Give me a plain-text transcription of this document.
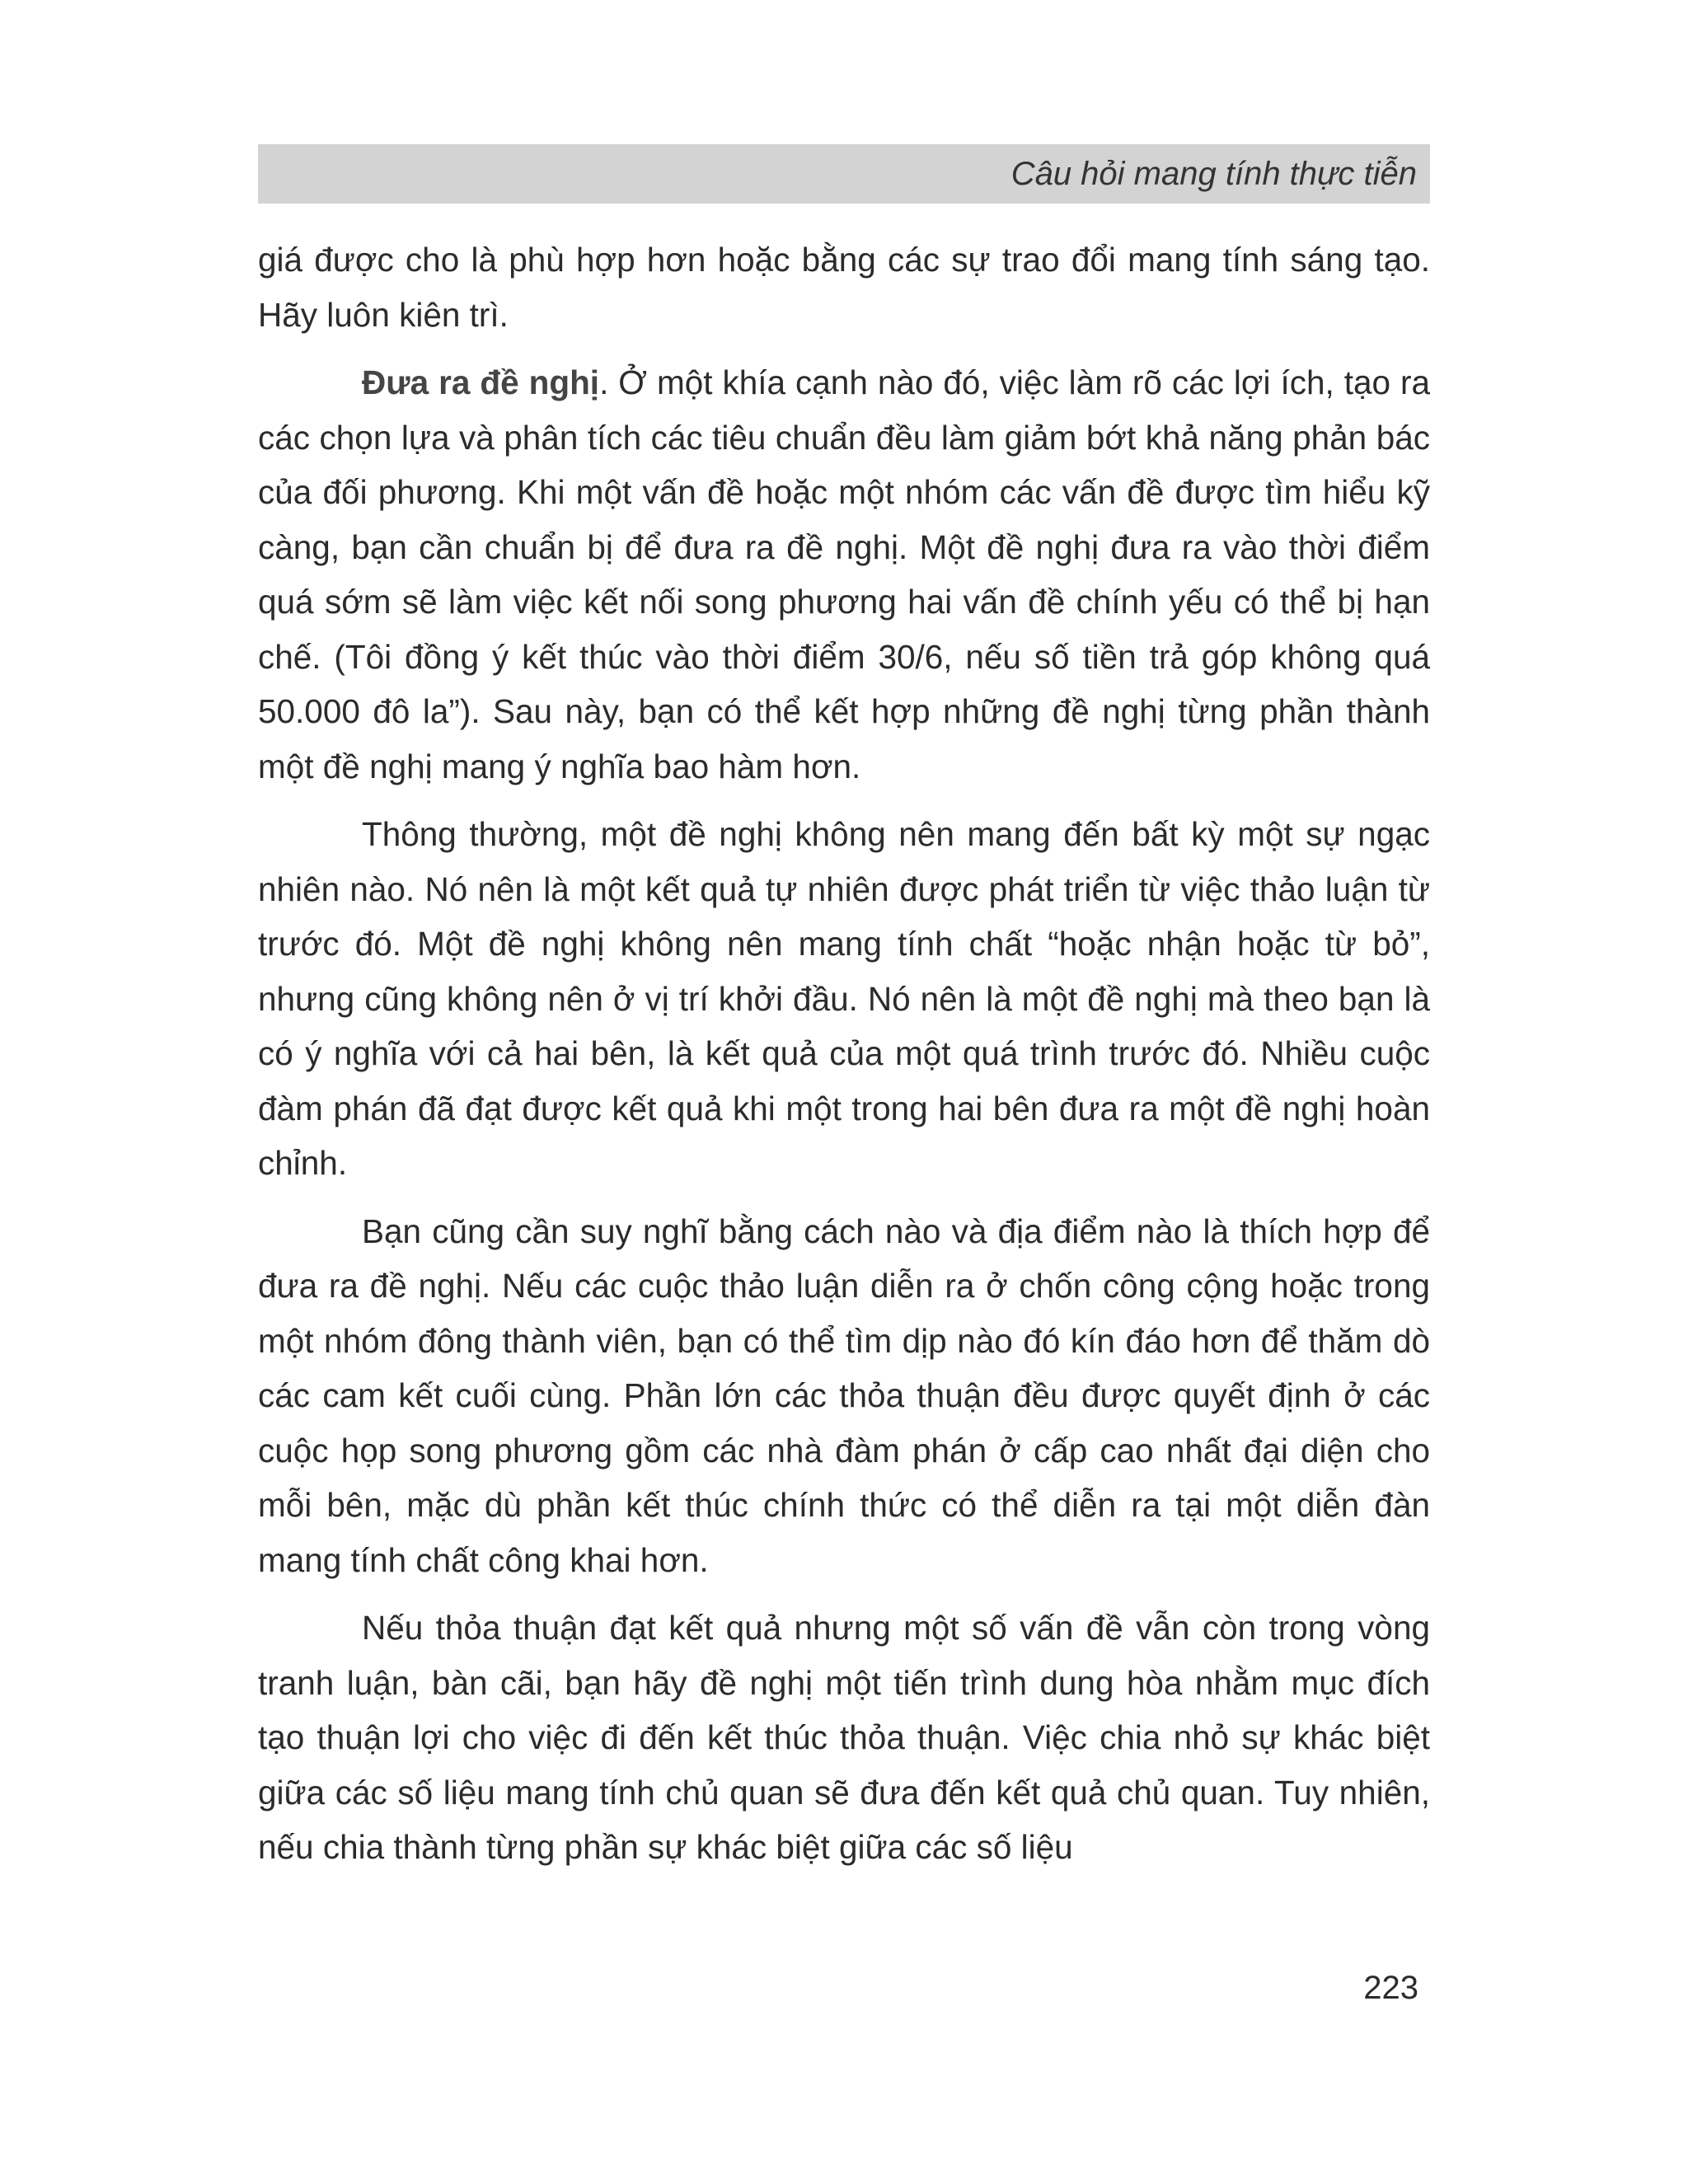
Câu hỏi mang tính thực tiễn

giá được cho là phù hợp hơn hoặc bằng các sự trao đổi mang tính sáng tạo. Hãy luôn kiên trì.

Đưa ra đề nghị. Ở một khía cạnh nào đó, việc làm rõ các lợi ích, tạo ra các chọn lựa và phân tích các tiêu chuẩn đều làm giảm bớt khả năng phản bác của đối phương. Khi một vấn đề hoặc một nhóm các vấn đề được tìm hiểu kỹ càng, bạn cần chuẩn bị để đưa ra đề nghị. Một đề nghị đưa ra vào thời điểm quá sớm sẽ làm việc kết nối song phương hai vấn đề chính yếu có thể bị hạn chế. (Tôi đồng ý kết thúc vào thời điểm 30/6, nếu số tiền trả góp không quá 50.000 đô la”). Sau này, bạn có thể kết hợp những đề nghị từng phần thành một đề nghị mang ý nghĩa bao hàm hơn.

Thông thường, một đề nghị không nên mang đến bất kỳ một sự ngạc nhiên nào. Nó nên là một kết quả tự nhiên được phát triển từ việc thảo luận từ trước đó. Một đề nghị không nên mang tính chất “hoặc nhận hoặc từ bỏ”, nhưng cũng không nên ở vị trí khởi đầu. Nó nên là một đề nghị mà theo bạn là có ý nghĩa với cả hai bên, là kết quả của một quá trình trước đó. Nhiều cuộc đàm phán đã đạt được kết quả khi một trong hai bên đưa ra một đề nghị hoàn chỉnh.

Bạn cũng cần suy nghĩ bằng cách nào và địa điểm nào là thích hợp để đưa ra đề nghị. Nếu các cuộc thảo luận diễn ra ở chốn công cộng hoặc trong một nhóm đông thành viên, bạn có thể tìm dịp nào đó kín đáo hơn để thăm dò các cam kết cuối cùng. Phần lớn các thỏa thuận đều được quyết định ở các cuộc họp song phương gồm các nhà đàm phán ở cấp cao nhất đại diện cho mỗi bên, mặc dù phần kết thúc chính thức có thể diễn ra tại một diễn đàn mang tính chất công khai hơn.

Nếu thỏa thuận đạt kết quả nhưng một số vấn đề vẫn còn trong vòng tranh luận, bàn cãi, bạn hãy đề nghị một tiến trình dung hòa nhằm mục đích tạo thuận lợi cho việc đi đến kết thúc thỏa thuận. Việc chia nhỏ sự khác biệt giữa các số liệu mang tính chủ quan sẽ đưa đến kết quả chủ quan. Tuy nhiên, nếu chia thành từng phần sự khác biệt giữa các số liệu

223
